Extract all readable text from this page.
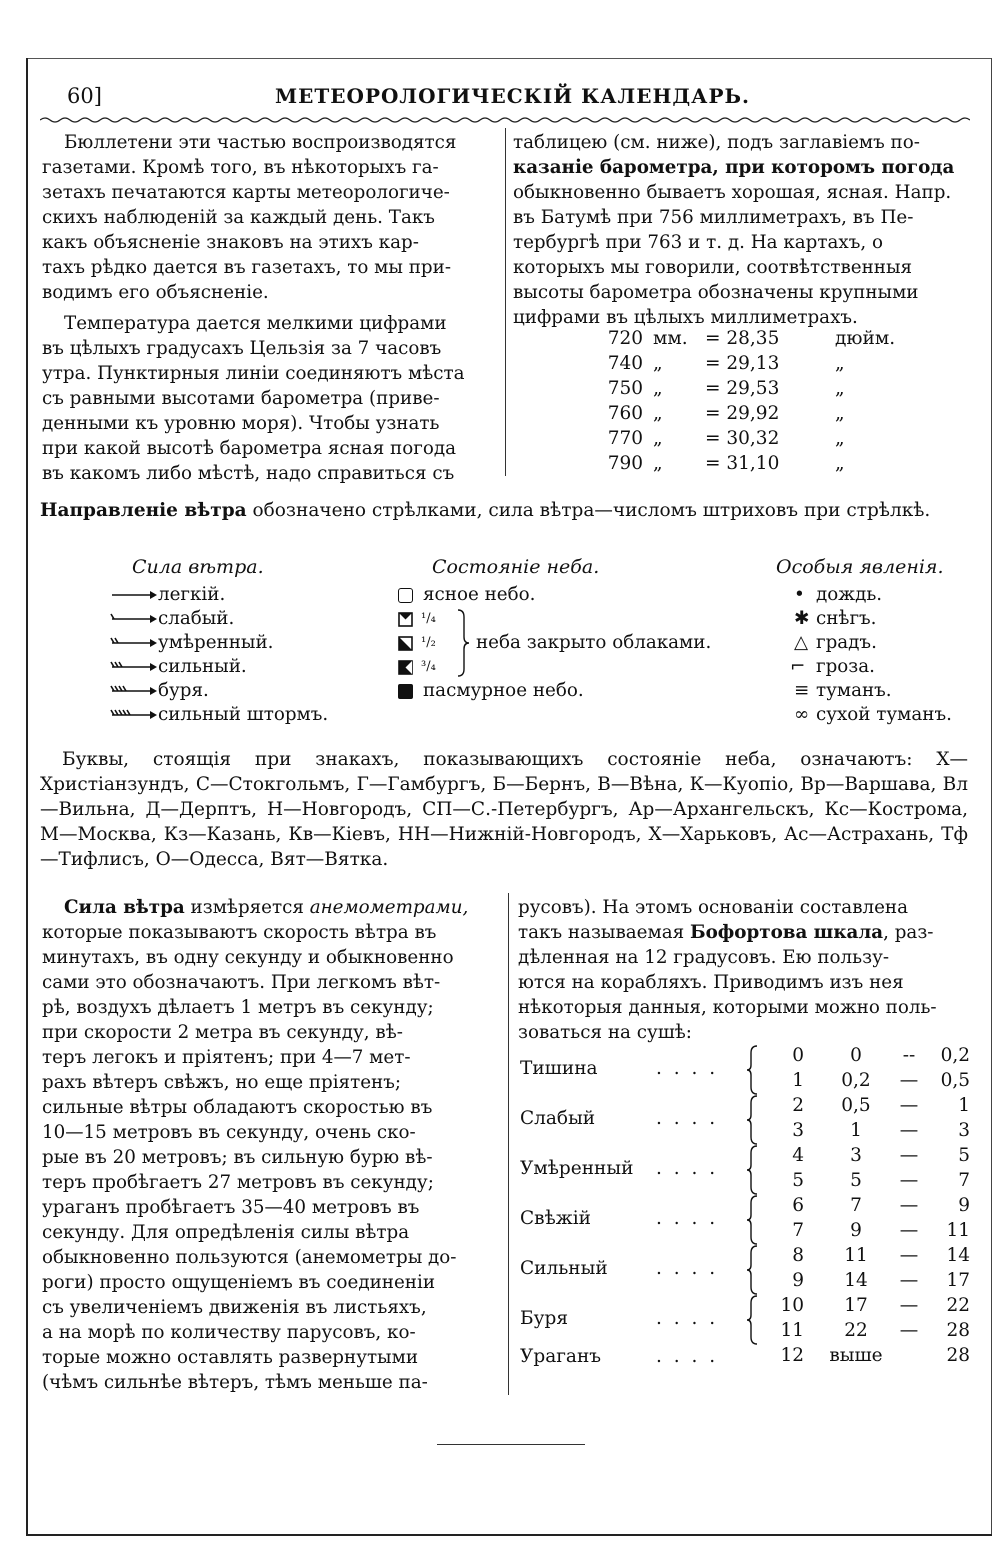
60]	МЕТЕОРОЛОГИЧЕСКІЙ КАЛЕНДАРЬ.
Бюллетени эти частью воспроизводятся
газетами. Кромѣ того, въ нѣкоторыхъ га-
зетахъ печатаются карты метеорологиче-
скихъ наблюденій за каждый день. Такъ
какъ объясненіе знаковъ на этихъ кар-
тахъ рѣдко дается въ газетахъ, то мы при-
водимъ его объясненіе.
Температура дается мелкими цифрами
въ цѣлыхъ градусахъ Цельзія за 7 часовъ
утра. Пунктирныя линіи соединяютъ мѣста
съ равными высотами барометра (приве-
денными къ уровню моря). Чтобы узнать
при какой высотѣ барометра ясная погода
въ какомъ либо мѣстѣ, надо справиться съ
таблицею (см. ниже), подъ заглавіемъ по-
казаніе барометра, при которомъ погода
обыкновенно бываетъ хорошая, ясная. Напр.
въ Батумѣ при 756 миллиметрахъ, въ Пе-
тербургѣ при 763 и т. д. На картахъ, о
которыхъ мы говорили, соотвѣтственныя
высоты барометра обозначены крупными
цифрами въ цѣлыхъ миллиметрахъ.
720 мм. = 28,35	дюйм.
740 „	= 29,13	„
750 „	= 29,53	„
760 „	= 29,92	„
770 „	= 30,32	„
790 „	= 31,10	„
Направленіе вѣтра обозначено стрѣлками, сила вѣтра—числомъ штриховъ при стрѣлкѣ.
Сила вѣтра.
легкій.
слабый.
умѣренный.
сильный.
буря.
сильный штормъ.
Состояніе неба.
ясное небо.
¹/₄
¹/₂
³/₄
неба закрыто облаками.
пасмурное небо.
Особыя явленія.
• дождь.
✱ снѣгъ.
△ градъ.
⌐ гроза.
≡ туманъ.
∞ сухой туманъ.
Буквы, стоящія при знакахъ, показывающихъ состояніе неба, означаютъ: Х—Христіанзундъ, С—Стокгольмъ, Г—Гамбургъ, Б—Бернъ, В—Вѣна, К—Куопіо, Вр—Варшава, Вл—Вильна, Д—Дерптъ, Н—Новгородъ, СП—С.-Петербургъ, Ар—Архангельскъ, Кс—Кострома, М—Москва, Кз—Казань, Кв—Кіевъ, НН—Нижній-Новгородъ, Х—Харьковъ, Ас—Астрахань, Тф—Тифлисъ, О—Одесса, Вят—Вятка.
Сила вѣтра измѣряется анемометрами,
которые показываютъ скорость вѣтра въ
минутахъ, въ одну секунду и обыкновенно
сами это обозначаютъ. При легкомъ вѣт-
рѣ, воздухъ дѣлаетъ 1 метръ въ секунду;
при скорости 2 метра въ секунду, вѣ-
теръ легокъ и пріятенъ; при 4—7 мет-
рахъ вѣтеръ свѣжъ, но еще пріятенъ;
сильные вѣтры обладаютъ скоростью въ
10—15 метровъ въ секунду, очень ско-
рые въ 20 метровъ; въ сильную бурю вѣ-
теръ пробѣгаетъ 27 метровъ въ секунду;
ураганъ пробѣгаетъ 35—40 метровъ въ
секунду. Для опредѣленія силы вѣтра
обыкновенно пользуются (анемометры до-
роги) просто ощущеніемъ въ соединеніи
съ увеличеніемъ движенія въ листьяхъ,
а на морѣ по количеству парусовъ, ко-
торые можно оставлять развернутыми
(чѣмъ сильнѣе вѣтеръ, тѣмъ меньше па-
русовъ). На этомъ основаніи составлена
такъ называемая Бофортова шкала, раз-
дѣленная на 12 градусовъ. Ею пользу-
ются на корабляхъ. Приводимъ изъ нея
нѣкоторыя данныя, которыми можно поль-
зоваться на сушѣ:
Тишина	. . . .
0	0	--	0,2
1	0,2	—	0,5
Слабый	. . . .
2	0,5	—	1
3	1	—	3
Умѣренный . . . .
4	3	—	5
5	5	—	7
Свѣжій	. . . .
6	7	—	9
7	9	—	11
Сильный	. . . .
8	11	—	14
9	14	—	17
Буря	. . . .
10	17	—	22
11	22	—	28
Ураганъ	. . . .	12 выше	28
